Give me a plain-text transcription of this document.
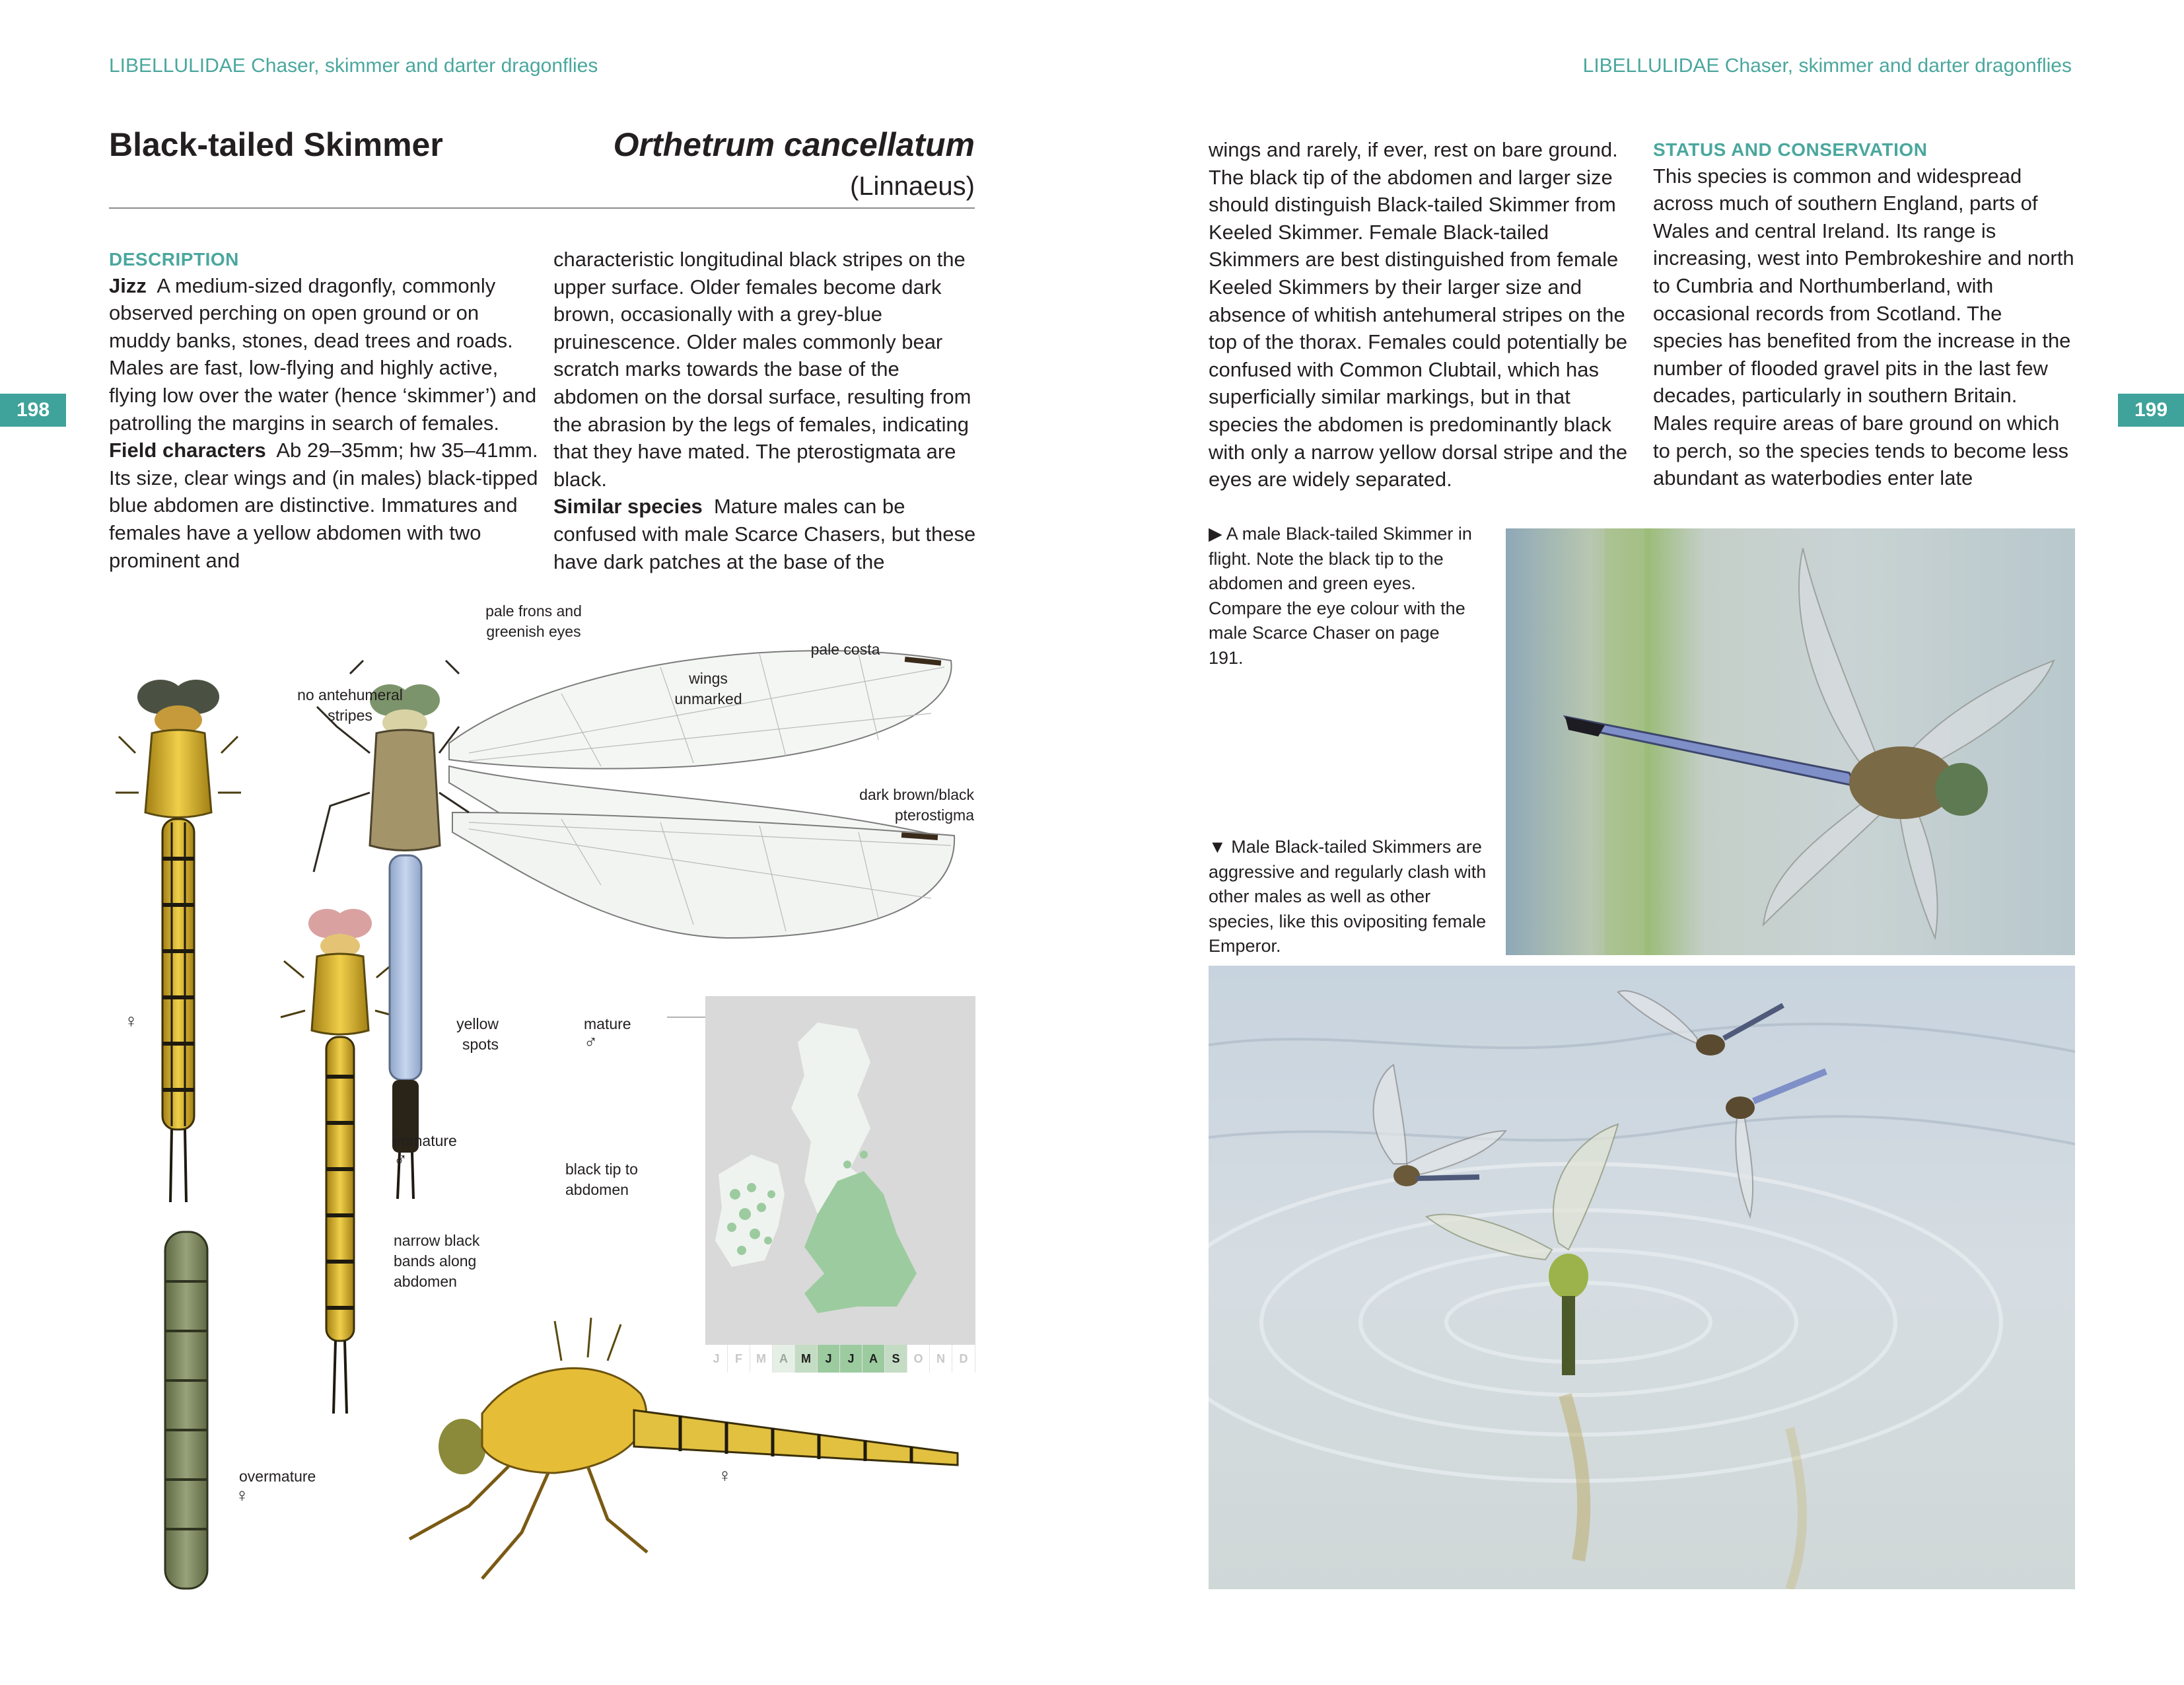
LIBELLULIDAE Chaser, skimmer and darter dragonflies
198
Black-tailed Skimmer	Orthetrum cancellatum
(Linnaeus)

DESCRIPTION

Jizz A medium-sized dragonfly, commonly observed perching on open ground or on muddy banks, stones, dead trees and roads. Males are fast, low-flying and highly active, flying low over the water (hence ‘skimmer’) and patrolling the margins in search of females.

Field characters Ab 29–35mm; hw 35–41mm. Its size, clear wings and (in males) black-tipped blue abdomen are distinctive. Immatures and females have a yellow abdomen with two prominent and

characteristic longitudinal black stripes on the upper surface. Older females become dark brown, occasionally with a grey-blue pruinescence. Older males commonly bear scratch marks towards the base of the abdomen on the dorsal surface, resulting from the abrasion by the legs of females, indicating that they have mated. The pterostigmata are black.

Similar species Mature males can be confused with male Scarce Chasers, but these have dark patches at the base of the

no antehumeral stripes
pale frons and greenish eyes
wings unmarked
pale costa
dark brown/black pterostigma
♀	yellow spots
mature
♂
immature
♂	black tip to abdomen
narrow black bands along abdomen
overmature
♀
♀
J	F	M	A	M	J	J	A	S	O	N	D
LIBELLULIDAE Chaser, skimmer and darter dragonflies
199

wings and rarely, if ever, rest on bare ground. The black tip of the abdomen and larger size should distinguish Black-tailed Skimmer from Keeled Skimmer. Female Black-tailed Skimmers are best distinguished from female Keeled Skimmers by their larger size and absence of whitish antehumeral stripes on the top of the thorax. Females could potentially be confused with Common Clubtail, which has superficially similar markings, but in that species the abdomen is predominantly black with only a narrow yellow dorsal stripe and the eyes are widely separated.

STATUS AND CONSERVATION

This species is common and widespread across much of southern England, parts of Wales and central Ireland. Its range is increasing, west into Pembrokeshire and north to Cumbria and Northumberland, with occasional records from Scotland. The species has benefited from the increase in the number of flooded gravel pits in the last few decades, particularly in southern Britain. Males require areas of bare ground on which to perch, so the species tends to become less abundant as waterbodies enter late

▶ A male Black-tailed Skimmer in flight. Note the black tip to the abdomen and green eyes. Compare the eye colour with the male Scarce Chaser on page 191.
▼ Male Black-tailed Skimmers are aggressive and regularly clash with other males as well as other species, like this ovipositing female Emperor.
